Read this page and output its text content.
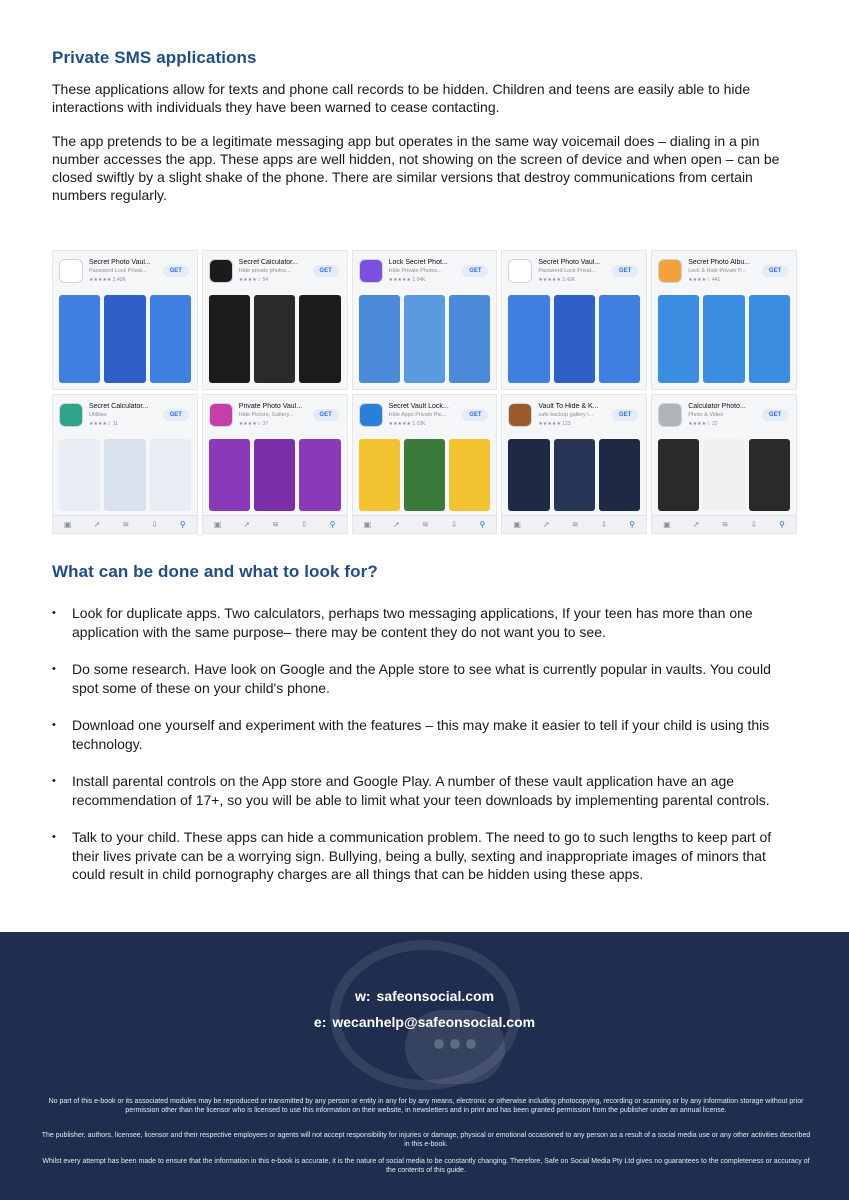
Private SMS applications

These applications allow for texts and phone call records to be hidden. Children and teens are easily able to hide interactions with individuals they have been warned to cease contacting.

The app pretends to be a legitimate messaging app but operates in the same way voicemail does – dialing in a pin number accesses the app. These apps are well hidden, not showing on the screen of device and when open – can be closed swiftly by a slight shake of the phone. There are similar versions that destroy communications from certain numbers regularly.

Secret Photo Vaul...
Password Lock Privat...
★★★★★ 2.42K
GET
Secret Calculator...
Hide private photos...
★★★★☆ 54
GET
Lock Secret Phot...
Hide Private Photos...
★★★★★ 1.04K
GET
Secret Photo Vaul...
Password Lock Privat...
★★★★★ 2.42K
GET
Secret Photo Albu...
Lock & Hide Private P...
★★★★☆ 441
GET
Secret Calculator...
Utilities
★★★★☆ 11
GET
▣	➚	≋	⇩	⚲
Private Photo Vaul...
Hide Picture, Gallery...
★★★★☆ 37
GET
▣	➚	≋	⇩	⚲
Secret Vault Lock...
Hide Apps Private Pic...
★★★★★ 1.02K
GET
▣	➚	≋	⇩	⚲
Vault To Hide & K...
safe backup gallery l...
★★★★★ 123
GET
▣	➚	≋	⇩	⚲
Calculator Photo...
Photo & Video
★★★★☆ 22
GET
▣	➚	≋	⇩	⚲
What can be done and what to look for?
• Look for duplicate apps. Two calculators, perhaps two messaging applications, If your teen has more than one application with the same purpose– there may be content they do not want you to see.
• Do some research. Have look on Google and the Apple store to see what is currently popular in vaults. You could spot some of these on your child's phone.
• Download one yourself and experiment with the features – this may make it easier to tell if your child is using this technology.
• Install parental controls on the App store and Google Play. A number of these vault application have an age recommendation of 17+, so you will be able to limit what your teen downloads by implementing parental controls.
• Talk to your child. These apps can hide a communication problem. The need to go to such lengths to keep part of their lives private can be a worrying sign. Bullying, being a bully, sexting and inappropriate images of minors that could result in child pornography charges are all things that can be hidden using these apps.
w: safeonsocial.com
e: wecanhelp@safeonsocial.com

No part of this e-book or its associated modules may be reproduced or transmitted by any person or entity in any for by any means, electronic or otherwise including photocopying, recording or scanning or by any information storage without prior permission other than the licensor who is licensed to use this information on their website, in newsletters and in print and has been granted permission from the publisher under an annual license.

The publisher, authors, licensee, licensor and their respective employees or agents will not accept responsibility for injuries or damage, physical or emotional occasioned to any person as a result of a social media use or any other activities described in this e-book.

Whilst every attempt has been made to ensure that the information in this e-book is accurate, it is the nature of social media to be constantly changing. Therefore, Safe on Social Media Pty Ltd gives no guarantees to the completeness or accuracy of the contents of this guide.
